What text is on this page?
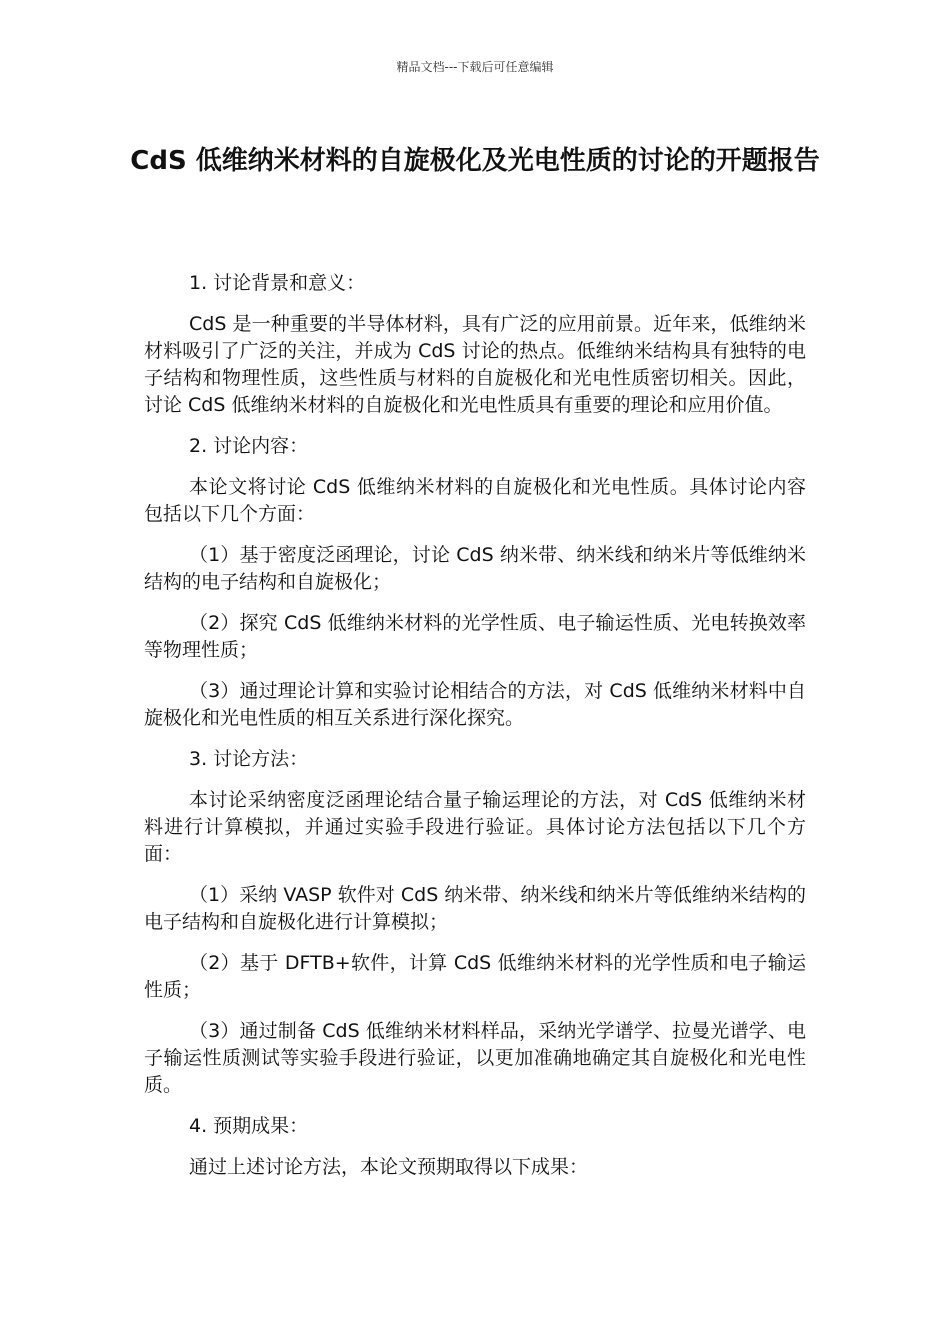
精品文档---下载后可任意编辑
CdS 低维纳米材料的自旋极化及光电性质的讨论的开题报告

1. 讨论背景和意义：

CdS 是一种重要的半导体材料，具有广泛的应用前景。近年来，低维纳米材料吸引了广泛的关注，并成为 CdS 讨论的热点。低维纳米结构具有独特的电子结构和物理性质，这些性质与材料的自旋极化和光电性质密切相关。因此，讨论 CdS 低维纳米材料的自旋极化和光电性质具有重要的理论和应用价值。

2. 讨论内容：

本论文将讨论 CdS 低维纳米材料的自旋极化和光电性质。具体讨论内容包括以下几个方面：

（1）基于密度泛函理论，讨论 CdS 纳米带、纳米线和纳米片等低维纳米结构的电子结构和自旋极化；

（2）探究 CdS 低维纳米材料的光学性质、电子输运性质、光电转换效率等物理性质；

（3）通过理论计算和实验讨论相结合的方法，对 CdS 低维纳米材料中自旋极化和光电性质的相互关系进行深化探究。

3. 讨论方法：

本讨论采纳密度泛函理论结合量子输运理论的方法，对 CdS 低维纳米材料进行计算模拟，并通过实验手段进行验证。具体讨论方法包括以下几个方面：

（1）采纳 VASP 软件对 CdS 纳米带、纳米线和纳米片等低维纳米结构的电子结构和自旋极化进行计算模拟；

（2）基于 DFTB+软件，计算 CdS 低维纳米材料的光学性质和电子输运性质；

（3）通过制备 CdS 低维纳米材料样品，采纳光学谱学、拉曼光谱学、电子输运性质测试等实验手段进行验证，以更加准确地确定其自旋极化和光电性质。

4. 预期成果：

通过上述讨论方法，本论文预期取得以下成果：
